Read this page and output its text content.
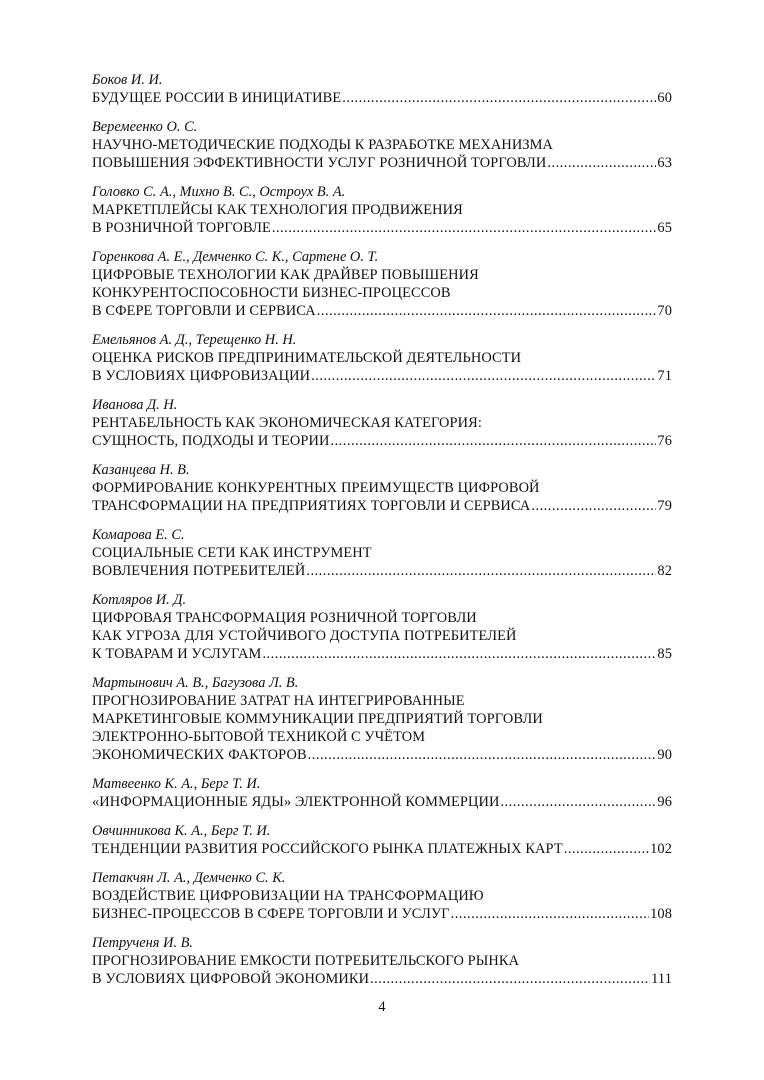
Боков И. И.
БУДУЩЕЕ РОССИИ В ИНИЦИАТИВЕ .....	60
Веремеенко О. С.
НАУЧНО-МЕТОДИЧЕСКИЕ ПОДХОДЫ К РАЗРАБОТКЕ МЕХАНИЗМА
ПОВЫШЕНИЯ ЭФФЕКТИВНОСТИ УСЛУГ РОЗНИЧНОЙ ТОРГОВЛИ .....	63
Головко С. А., Михно В. С., Остроух В. А.
МАРКЕТПЛЕЙСЫ КАК ТЕХНОЛОГИЯ ПРОДВИЖЕНИЯ
В РОЗНИЧНОЙ ТОРГОВЛЕ .....	65
Горенкова А. Е., Демченко С. К., Сартене О. Т.
ЦИФРОВЫЕ ТЕХНОЛОГИИ КАК ДРАЙВЕР ПОВЫШЕНИЯ
КОНКУРЕНТОСПОСОБНОСТИ БИЗНЕС-ПРОЦЕССОВ
В СФЕРЕ ТОРГОВЛИ И СЕРВИСА .....	70
Емельянов А. Д., Терещенко Н. Н.
ОЦЕНКА РИСКОВ ПРЕДПРИНИМАТЕЛЬСКОЙ ДЕЯТЕЛЬНОСТИ
В УСЛОВИЯХ ЦИФРОВИЗАЦИИ .....	71
Иванова Д. Н.
РЕНТАБЕЛЬНОСТЬ КАК ЭКОНОМИЧЕСКАЯ КАТЕГОРИЯ:
СУЩНОСТЬ, ПОДХОДЫ И ТЕОРИИ .....	76
Казанцева Н. В.
ФОРМИРОВАНИЕ КОНКУРЕНТНЫХ ПРЕИМУЩЕСТВ ЦИФРОВОЙ
ТРАНСФОРМАЦИИ НА ПРЕДПРИЯТИЯХ ТОРГОВЛИ И СЕРВИСА .....	79
Комарова Е. С.
СОЦИАЛЬНЫЕ СЕТИ КАК ИНСТРУМЕНТ
ВОВЛЕЧЕНИЯ ПОТРЕБИТЕЛЕЙ .....	82
Котляров И. Д.
ЦИФРОВАЯ ТРАНСФОРМАЦИЯ РОЗНИЧНОЙ ТОРГОВЛИ
КАК УГРОЗА ДЛЯ УСТОЙЧИВОГО ДОСТУПА ПОТРЕБИТЕЛЕЙ
К ТОВАРАМ И УСЛУГАМ .....	85
Мартынович А. В., Багузова Л. В.
ПРОГНОЗИРОВАНИЕ ЗАТРАТ НА ИНТЕГРИРОВАННЫЕ
МАРКЕТИНГОВЫЕ КОММУНИКАЦИИ ПРЕДПРИЯТИЙ ТОРГОВЛИ
ЭЛЕКТРОННО-БЫТОВОЙ ТЕХНИКОЙ С УЧЁТОМ
ЭКОНОМИЧЕСКИХ ФАКТОРОВ .....	90
Матвеенко К. А., Берг Т. И.
«ИНФОРМАЦИОННЫЕ ЯДЫ» ЭЛЕКТРОННОЙ КОММЕРЦИИ .....	96
Овчинникова К. А., Берг Т. И.
ТЕНДЕНЦИИ РАЗВИТИЯ РОССИЙСКОГО РЫНКА ПЛАТЕЖНЫХ КАРТ .....	102
Петакчян Л. А., Демченко С. К.
ВОЗДЕЙСТВИЕ ЦИФРОВИЗАЦИИ НА ТРАНСФОРМАЦИЮ
БИЗНЕС-ПРОЦЕССОВ В СФЕРЕ ТОРГОВЛИ И УСЛУГ .....	108
Петрученя И. В.
ПРОГНОЗИРОВАНИЕ ЕМКОСТИ ПОТРЕБИТЕЛЬСКОГО РЫНКА
В УСЛОВИЯХ ЦИФРОВОЙ ЭКОНОМИКИ .....	111
4
